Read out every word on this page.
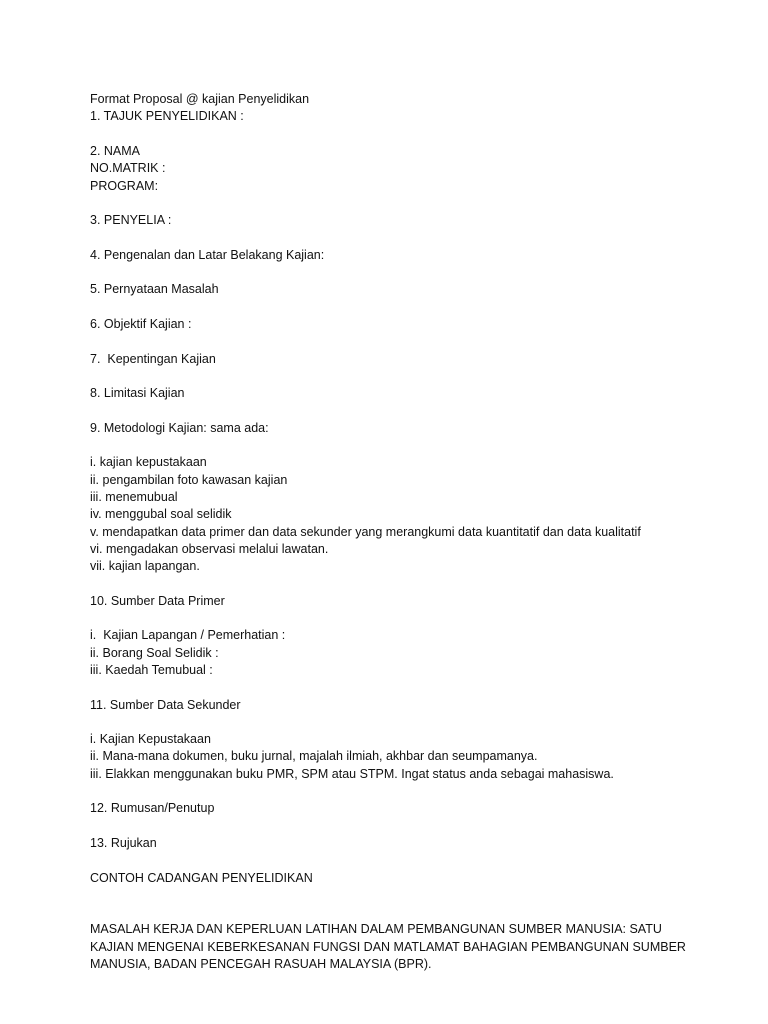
Format Proposal @ kajian Penyelidikan
1. TAJUK PENYELIDIKAN :
2. NAMA
NO.MATRIK :
PROGRAM:
3. PENYELIA :
4. Pengenalan dan Latar Belakang Kajian:
5. Pernyataan Masalah
6. Objektif Kajian :
7.  Kepentingan Kajian
8. Limitasi Kajian
9. Metodologi Kajian: sama ada:
i. kajian kepustakaan
ii. pengambilan foto kawasan kajian
iii. menemubual
iv. menggubal soal selidik
v. mendapatkan data primer dan data sekunder yang merangkumi data kuantitatif dan data kualitatif
vi. mengadakan observasi melalui lawatan.
vii. kajian lapangan.
10. Sumber Data Primer
i.  Kajian Lapangan / Pemerhatian :
ii. Borang Soal Selidik :
iii. Kaedah Temubual :
11. Sumber Data Sekunder
i. Kajian Kepustakaan
ii. Mana-mana dokumen, buku jurnal, majalah ilmiah, akhbar dan seumpamanya.
iii. Elakkan menggunakan buku PMR, SPM atau STPM. Ingat status anda sebagai mahasiswa.
12. Rumusan/Penutup
13. Rujukan
CONTOH CADANGAN PENYELIDIKAN
MASALAH KERJA DAN KEPERLUAN LATIHAN DALAM PEMBANGUNAN SUMBER MANUSIA: SATU
KAJIAN MENGENAI KEBERKESANAN FUNGSI DAN MATLAMAT BAHAGIAN PEMBANGUNAN SUMBER
MANUSIA, BADAN PENCEGAH RASUAH MALAYSIA (BPR).
